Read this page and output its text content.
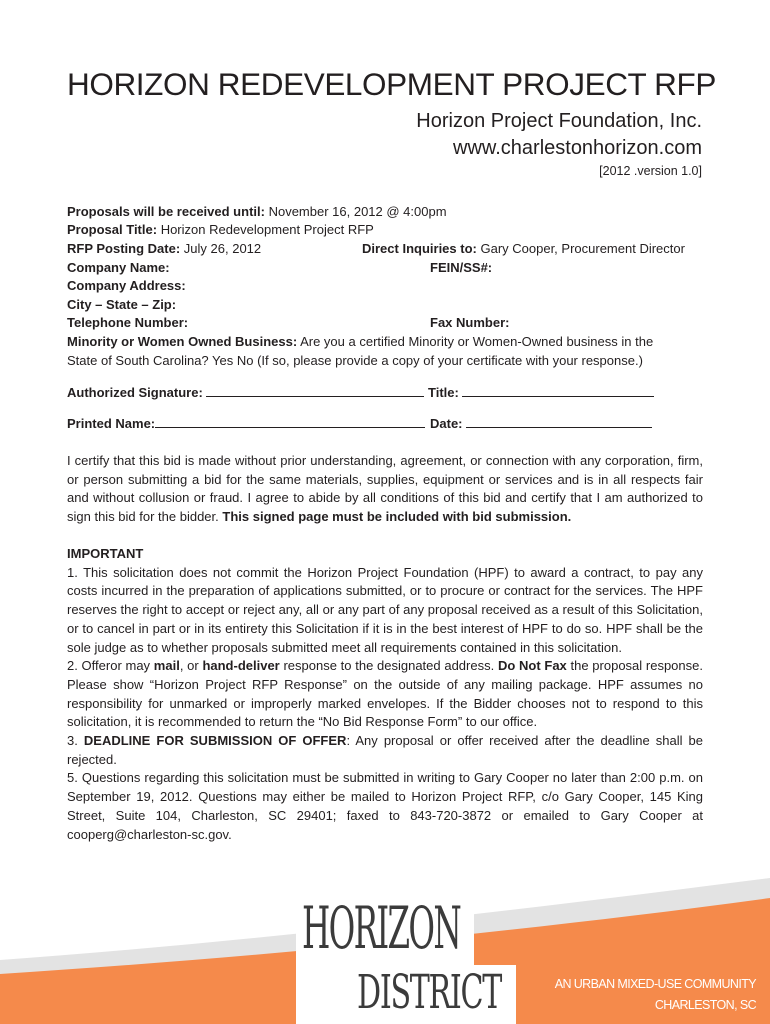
HORIZON REDEVELOPMENT PROJECT RFP
Horizon Project Foundation, Inc.
www.charlestonhorizon.com
[2012 .version 1.0]
Proposals will be received until: November 16, 2012 @ 4:00pm
Proposal Title: Horizon Redevelopment Project RFP
RFP Posting Date: July 26, 2012	Direct Inquiries to: Gary Cooper, Procurement Director
Company Name:	FEIN/SS#:
Company Address:
City – State – Zip:
Telephone Number:	Fax Number:
Minority or Women Owned Business: Are you a certified Minority or Women-Owned business in the
State of South Carolina? Yes No (If so, please provide a copy of your certificate with your response.)
Authorized Signature:	Title:
Printed Name:	Date:
I certify that this bid is made without prior understanding, agreement, or connection with any corporation, firm, or person submitting a bid for the same materials, supplies, equipment or services and is in all respects fair and without collusion or fraud. I agree to abide by all conditions of this bid and certify that I am authorized to sign this bid for the bidder. This signed page must be included with bid submission.

IMPORTANT

1. This solicitation does not commit the Horizon Project Foundation (HPF) to award a contract, to pay any costs incurred in the preparation of applications submitted, or to procure or contract for the services. The HPF reserves the right to accept or reject any, all or any part of any proposal received as a result of this Solicitation, or to cancel in part or in its entirety this Solicitation if it is in the best interest of HPF to do so. HPF shall be the sole judge as to whether proposals submitted meet all requirements contained in this solicitation.

2. Offeror may mail, or hand-deliver response to the designated address. Do Not Fax the proposal response. Please show “Horizon Project RFP Response” on the outside of any mailing package. HPF assumes no responsibility for unmarked or improperly marked envelopes. If the Bidder chooses not to respond to this solicitation, it is recommended to return the “No Bid Response Form” to our office.

3. DEADLINE FOR SUBMISSION OF OFFER: Any proposal or offer received after the deadline shall be rejected.

5. Questions regarding this solicitation must be submitted in writing to Gary Cooper no later than 2:00 p.m. on September 19, 2012. Questions may either be mailed to Horizon Project RFP, c/o Gary Cooper, 145 King Street, Suite 104, Charleston, SC 29401; faxed to 843-720-3872 or emailed to Gary Cooper at cooperg@charleston-sc.gov.

HORIZON
DISTRICT	AN URBAN MIXED-USE COMMUNITY
CHARLESTON, SC
